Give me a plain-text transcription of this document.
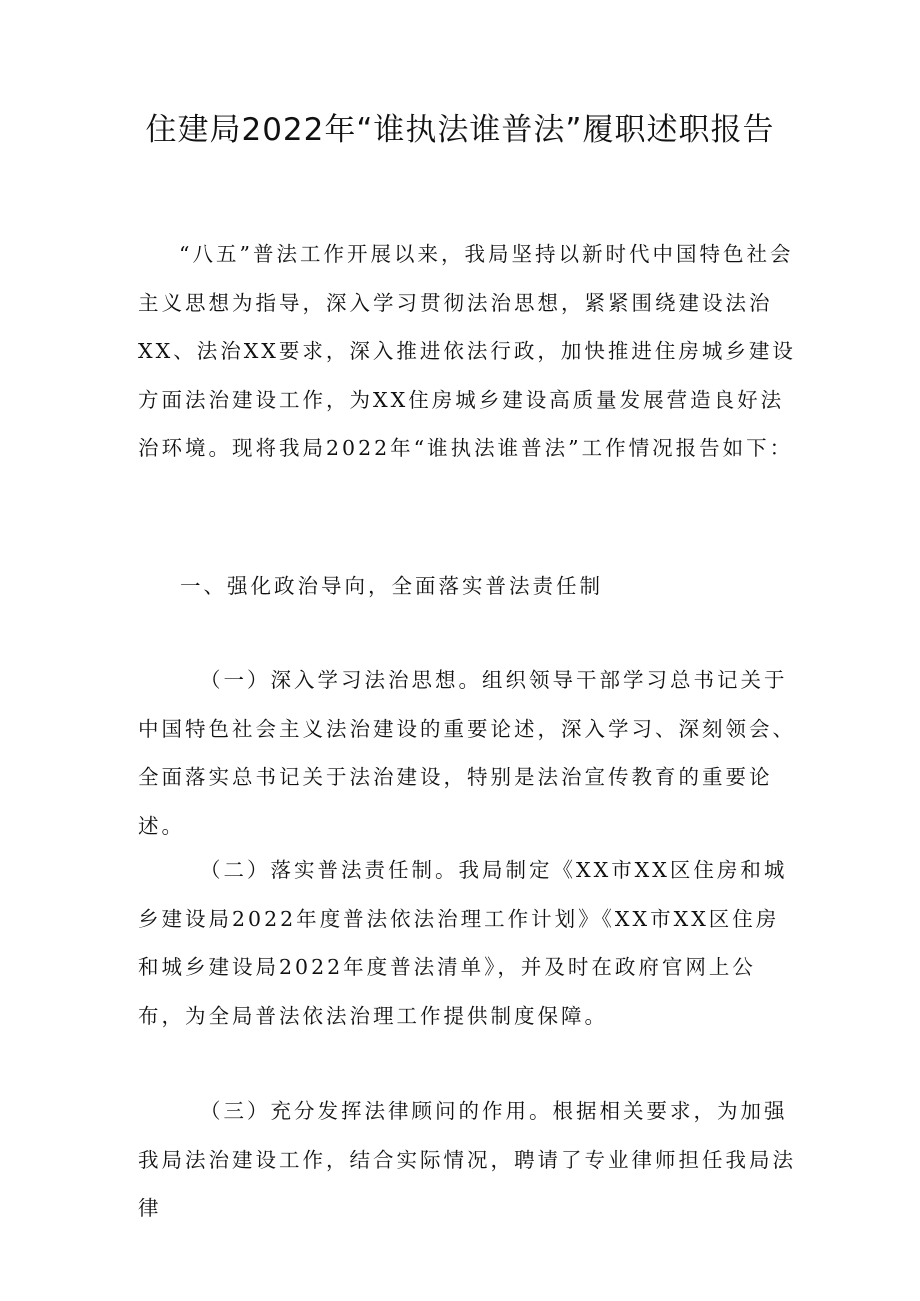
住建局2022年“谁执法谁普法”履职述职报告

“八五”普法工作开展以来，我局坚持以新时代中国特色社会主义思想为指导，深入学习贯彻法治思想，紧紧围绕建设法治XX、法治XX要求，深入推进依法行政，加快推进住房城乡建设方面法治建设工作，为XX住房城乡建设高质量发展营造良好法治环境。现将我局2022年“谁执法谁普法”工作情况报告如下：

一、强化政治导向，全面落实普法责任制

（一）深入学习法治思想。组织领导干部学习总书记关于中国特色社会主义法治建设的重要论述，深入学习、深刻领会、全面落实总书记关于法治建设，特别是法治宣传教育的重要论述。

（二）落实普法责任制。我局制定《XX市XX区住房和城乡建设局2022年度普法依法治理工作计划》《XX市XX区住房和城乡建设局2022年度普法清单》，并及时在政府官网上公布，为全局普法依法治理工作提供制度保障。

（三）充分发挥法律顾问的作用。根据相关要求，为加强我局法治建设工作，结合实际情况，聘请了专业律师担任我局法律
